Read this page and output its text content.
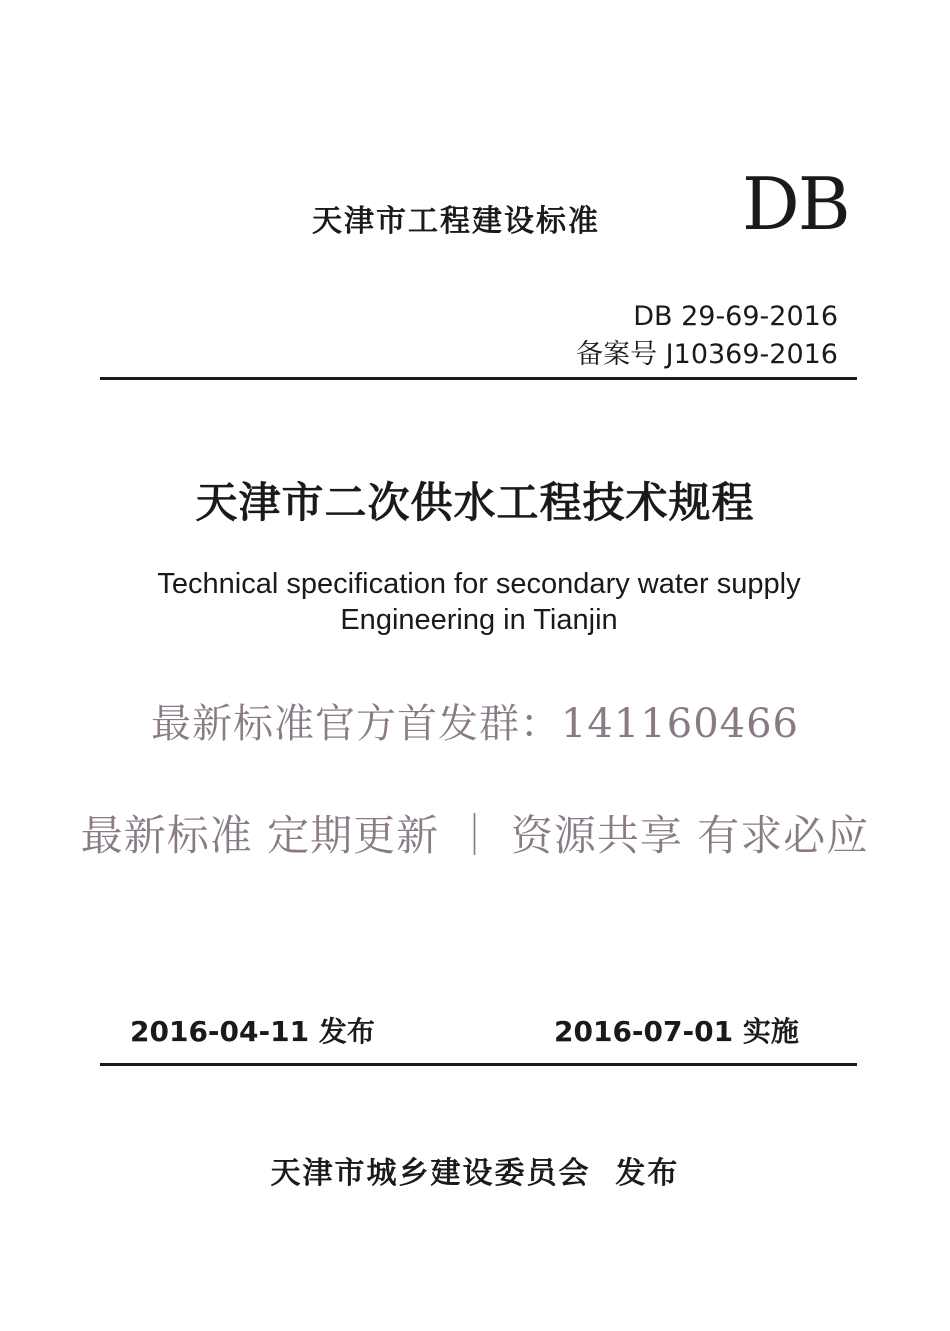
天津市工程建设标准 DB
DB 29-69-2016
备案号 J10369-2016
天津市二次供水工程技术规程
Technical specification for secondary water supply
Engineering in Tianjin
最新标准官方首发群：141160466
最新标准 定期更新 ｜ 资源共享 有求必应
2016-04-11 发布	2016-07-01 实施
天津市城乡建设委员会  发布
